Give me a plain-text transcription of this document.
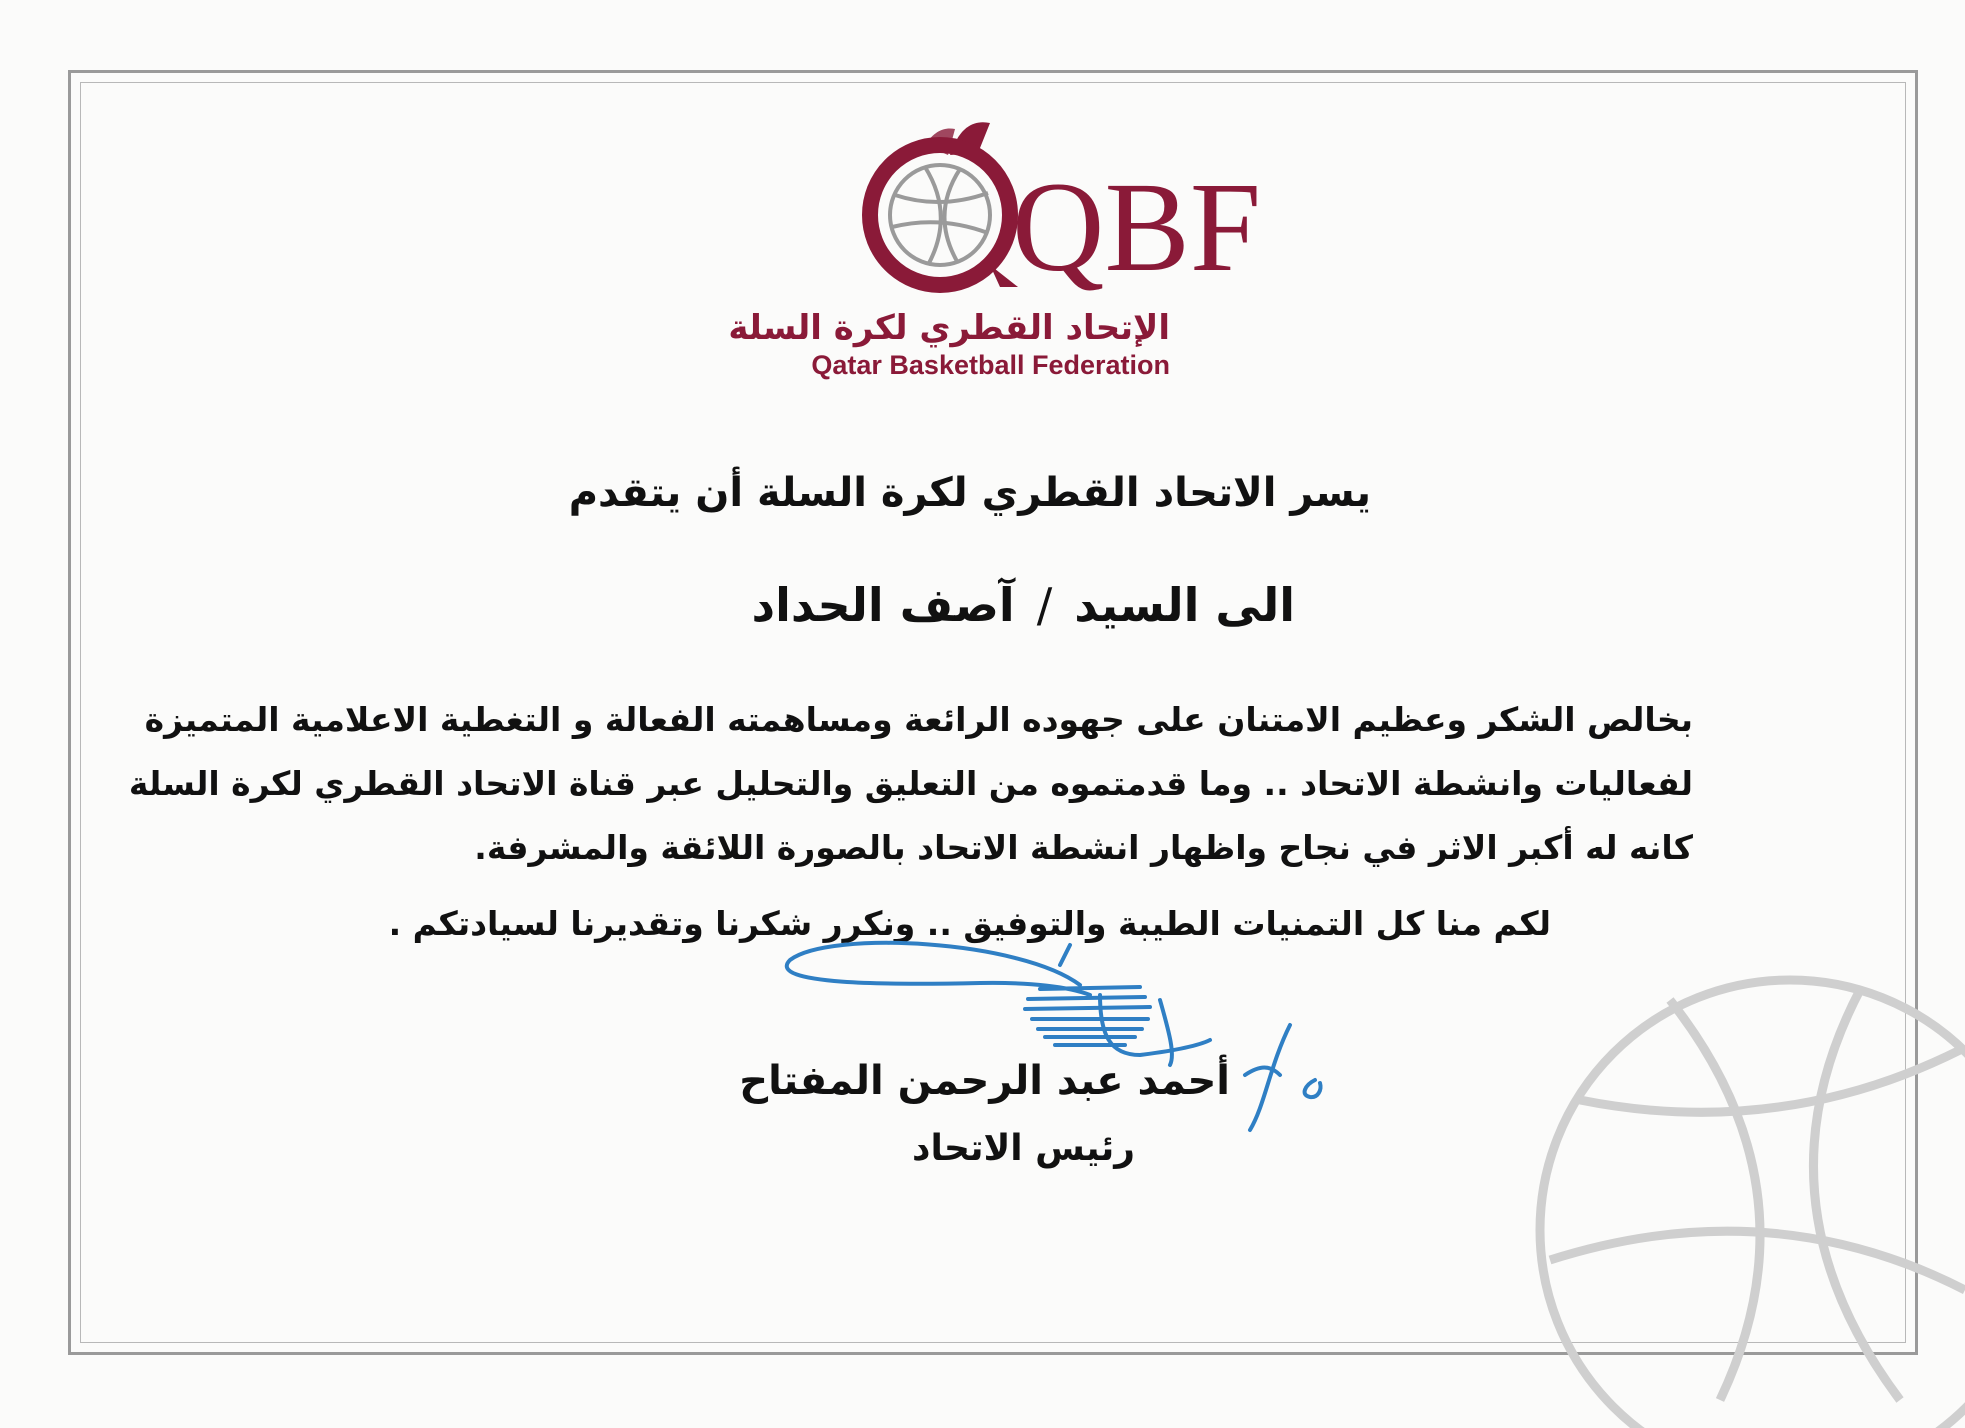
QBF
الإتحاد القطري لكرة السلة
Qatar Basketball Federation
يسر الاتحاد القطري لكرة السلة أن يتقدم
الى السيد/آصف الحداد
بخالص الشكر وعظيم الامتنان على جهوده الرائعة ومساهمته الفعالة و التغطية الاعلامية المتميزة
لفعاليات وانشطة الاتحاد .. وما قدمتموه من التعليق والتحليل عبر قناة الاتحاد القطري لكرة السلة
كانه له أكبر الاثر في نجاح واظهار انشطة الاتحاد بالصورة اللائقة والمشرفة.
لكم منا كل التمنيات الطيبة والتوفيق .. ونكرر شكرنا وتقديرنا لسيادتكم .
أحمد عبد الرحمن المفتاح
رئيس الاتحاد
